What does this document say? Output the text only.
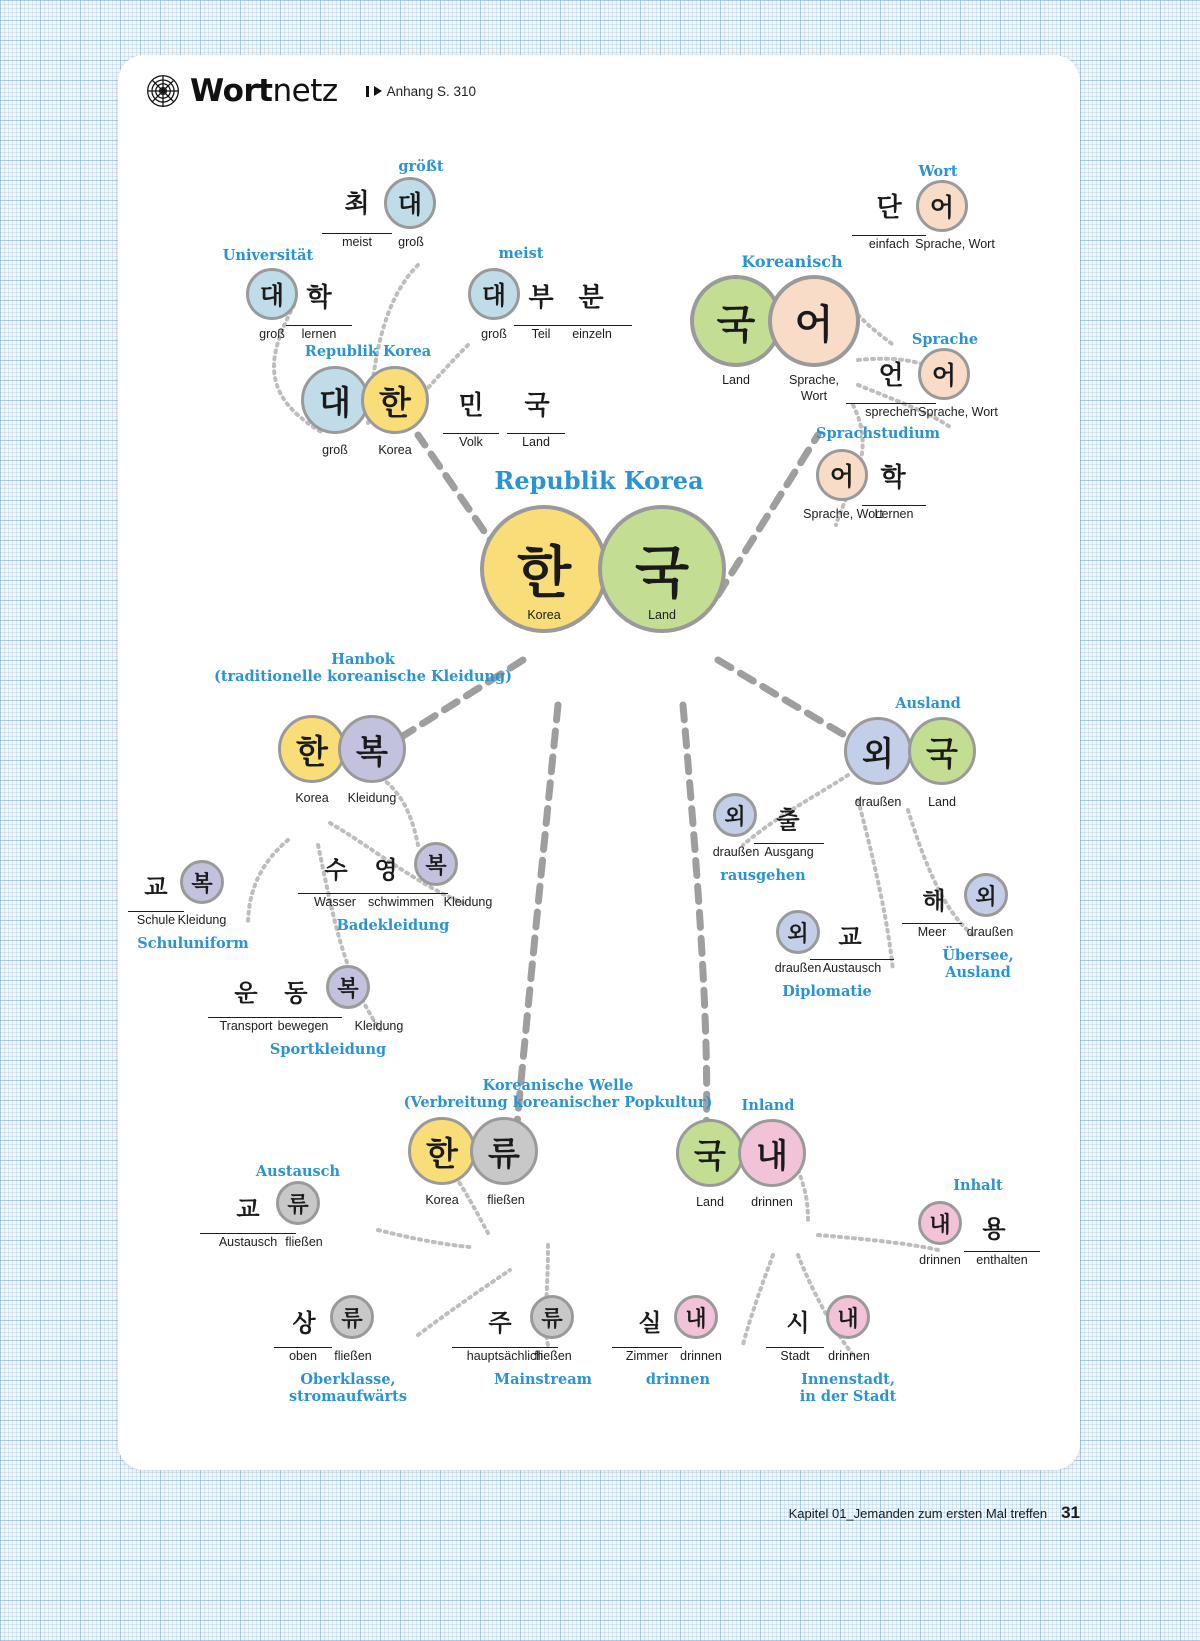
Wortnetz	Anhang S. 310
Universität
대 학
groß	lernen
größt
최	대
meist	groß
meist
대 부 분
groß	Teil	einzeln
Republik Korea
대 한	민	국
groß	Korea
Volk	Land
Koreanisch
국 어
Land	Sprache,
Wort
Wort
단	어
einfach Sprache, Wort
Sprache
언	어
sprechen Sprache, Wort
Sprachstudium
어	학
Sprache, Wort
Lernen
Republik Korea
한
Korea
국
Land
Hanbok
(traditionelle koreanische Kleidung)
한 복
Korea	Kleidung
교	복
Schule Kleidung
Schuluniform
수	영	복
Wasser schwimmen Kleidung
Badekleidung
운	동	복
Transport bewegen	Kleidung
Sportkleidung
Ausland
외 국
draußen	Land
외	출
draußen Ausgang
rausgehen
외	교
draußen Austausch
Diplomatie
해	외
Meer	draußen
Übersee,
Ausland
Koreanische Welle
(Verbreitung koreanischer Popkultur)
한 류
Korea	fließen
Austausch
교	류
Austausch fließen
상	류
oben	fließen
Oberklasse,
stromaufwärts
주	류
hauptsächlich
fließen
Mainstream
Inland
국 내
Land	drinnen
Inhalt
내	용
drinnen	enthalten
실	내
Zimmer drinnen
drinnen
시	내
Stadt	drinnen
Innenstadt,
in der Stadt
Kapitel 01_Jemanden zum ersten Mal treffen 31
